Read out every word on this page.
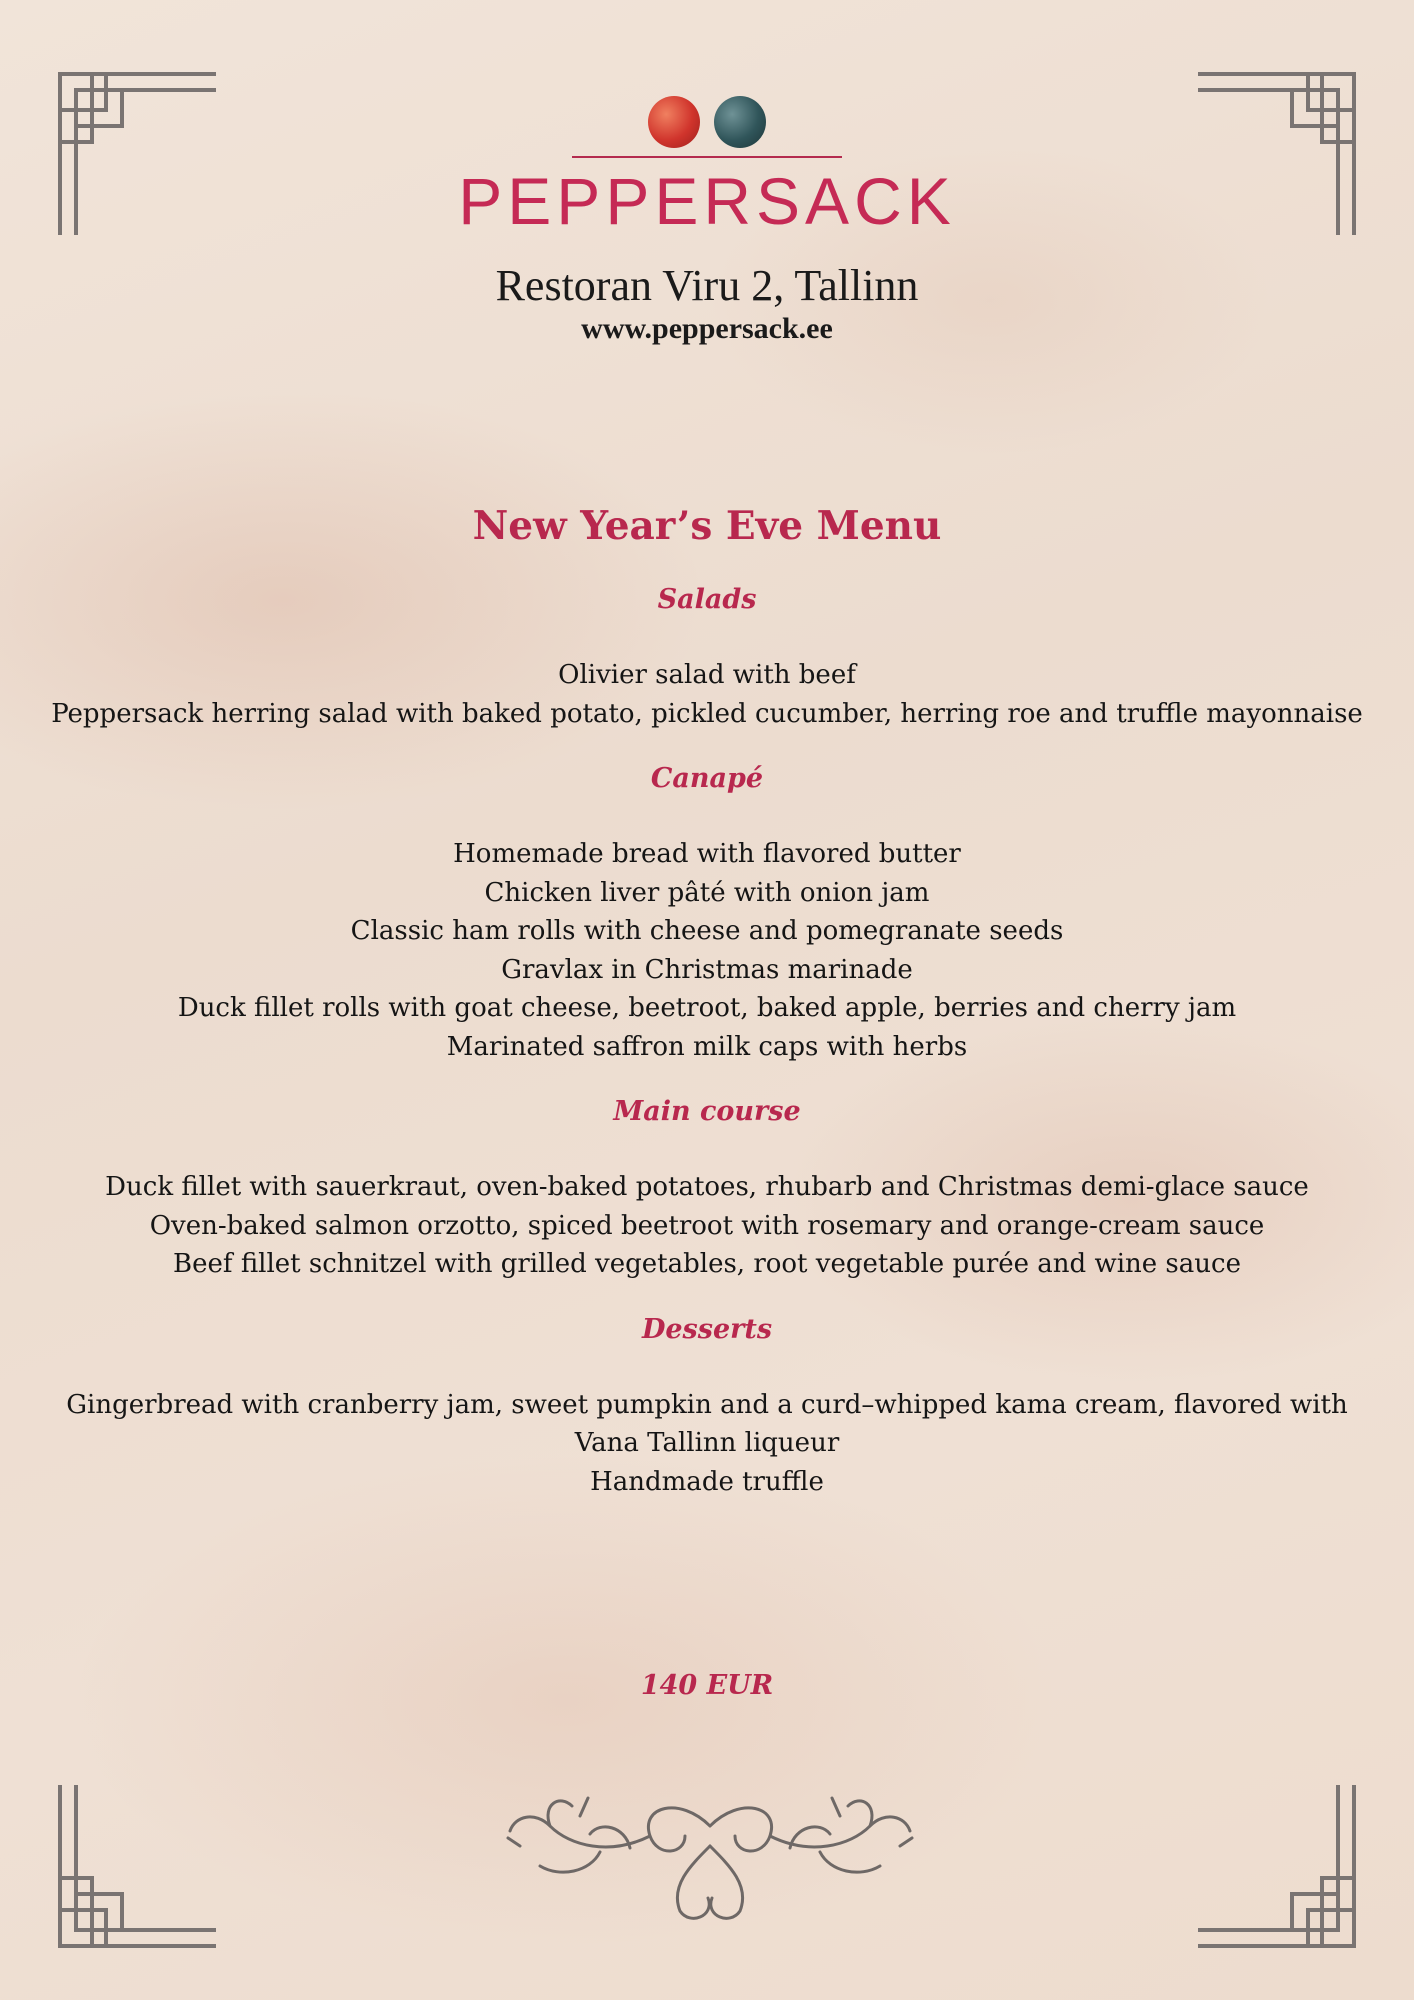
PEPPERSACK
Restoran Viru 2, Tallinn
www.peppersack.ee
New Year’s Eve Menu
Salads
Olivier salad with beef
Peppersack herring salad with baked potato, pickled cucumber, herring roe and truffle mayonnaise
Canapé
Homemade bread with flavored butter
Chicken liver pâté with onion jam
Classic ham rolls with cheese and pomegranate seeds
Gravlax in Christmas marinade
Duck fillet rolls with goat cheese, beetroot, baked apple, berries and cherry jam
Marinated saffron milk caps with herbs
Main course
Duck fillet with sauerkraut, oven-baked potatoes, rhubarb and Christmas demi-glace sauce
Oven-baked salmon orzotto, spiced beetroot with rosemary and orange-cream sauce
Beef fillet schnitzel with grilled vegetables, root vegetable purée and wine sauce
Desserts
Gingerbread with cranberry jam, sweet pumpkin and a curd–whipped kama cream, flavored with
Vana Tallinn liqueur
Handmade truffle
140 EUR
